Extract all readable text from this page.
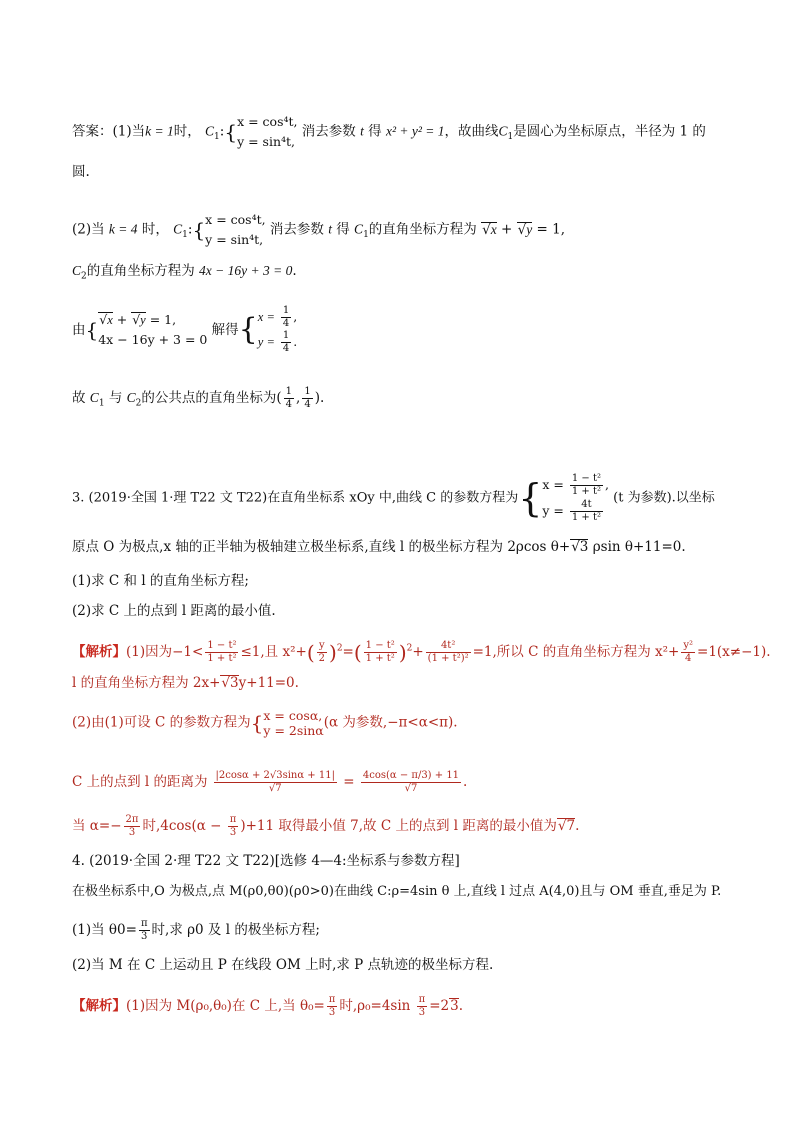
答案：(1)当k = 1时， $C_1$:{ x = cos⁴t,
y = sin⁴t,
消去参数 t 得 x² + y² = 1，故曲线$C_1$是圆心为坐标原点，半径为 1 的
圆.
(2)当 k = 4 时， $C_1$:{ x = cos⁴t,
y = sin⁴t,
消去参数 t 得 $C_1$的直角坐标方程为 √x + √y = 1,
$C_2$的直角坐标方程为 4x − 16y + 3 = 0.
由{ √x + √y = 1,
4x − 16y + 3 = 0
解得{ $x = \frac{1}{4}$ ,
$y = \frac{1}{4}$ .
故 $C_1$ 与 $C_2$的公共点的直角坐标为( $\frac{1}{4}$ , $\frac{1}{4}$ ).
3. (2019·全国 1·理 T22 文 T22)在直角坐标系 xOy 中,曲线 C 的参数方程为{ $x = \frac{\text{1 − t²}}{\text{1 + t²}}$ ,
$y = \frac{4t}{\text{1 + t²}}$
(t 为参数).以坐标
原点 O 为极点,x 轴的正半轴为极轴建立极坐标系,直线 l 的极坐标方程为 2ρcos θ+√3 ρsin θ+11=0.
(1)求 C 和 l 的直角坐标方程;
(2)求 C 上的点到 l 距离的最小值.
【解析】(1)因为$-1< \frac{\text{1 − t²}}{\text{1 + t²}} \le 1$,且 $x^2+( \frac{y}{2} )^2=( \frac{\text{1 − t²}}{\text{1 + t²}} )^2+ \frac{\text{4t²}}{\text{(1 + t²)²}} =1$,所以 C 的直角坐标方程为 $x^2+ \frac{\text{y²}}{4} =1(x\ne-1)$.
l 的直角坐标方程为 2x+√3y+11=0.
(2)由(1)可设 C 的参数方程为{ x = cosα,
y = 2sinα (α 为参数,−π<α<π).
C 上的点到 l 的距离为 $\frac{|2\cos\alpha + 2√3\sin\alpha + 11|}{√7} = \frac{4\cos(\alpha - \pi/3) + 11}{√7}$ .
当 $\alpha=- \frac{2\pi}{3}$ 时$,4\cos(\alpha - \frac{\pi}{3} )+11$ 取得最小值 7,故 C 上的点到 l 距离的最小值为√7.
4. (2019·全国 2·理 T22 文 T22)[选修 4—4:坐标系与参数方程]
在极坐标系中,O 为极点,点 M(ρ0,θ0)(ρ0>0)在曲线 C:ρ=4sin θ 上,直线 l 过点 A(4,0)且与 OM 垂直,垂足为 P.
(1)当 $\theta 0= \frac{\pi}{3}$ 时,求 ρ0 及 l 的极坐标方程;
(2)当 M 在 C 上运动且 P 在线段 OM 上时,求 P 点轨迹的极坐标方程.
【解析】(1)因为 M(ρ₀,θ₀)在 C 上,当 $\theta_0= \frac{\pi}{3}$ 时$,\rho_0=4\sin \frac{\pi}{3} =23$.
